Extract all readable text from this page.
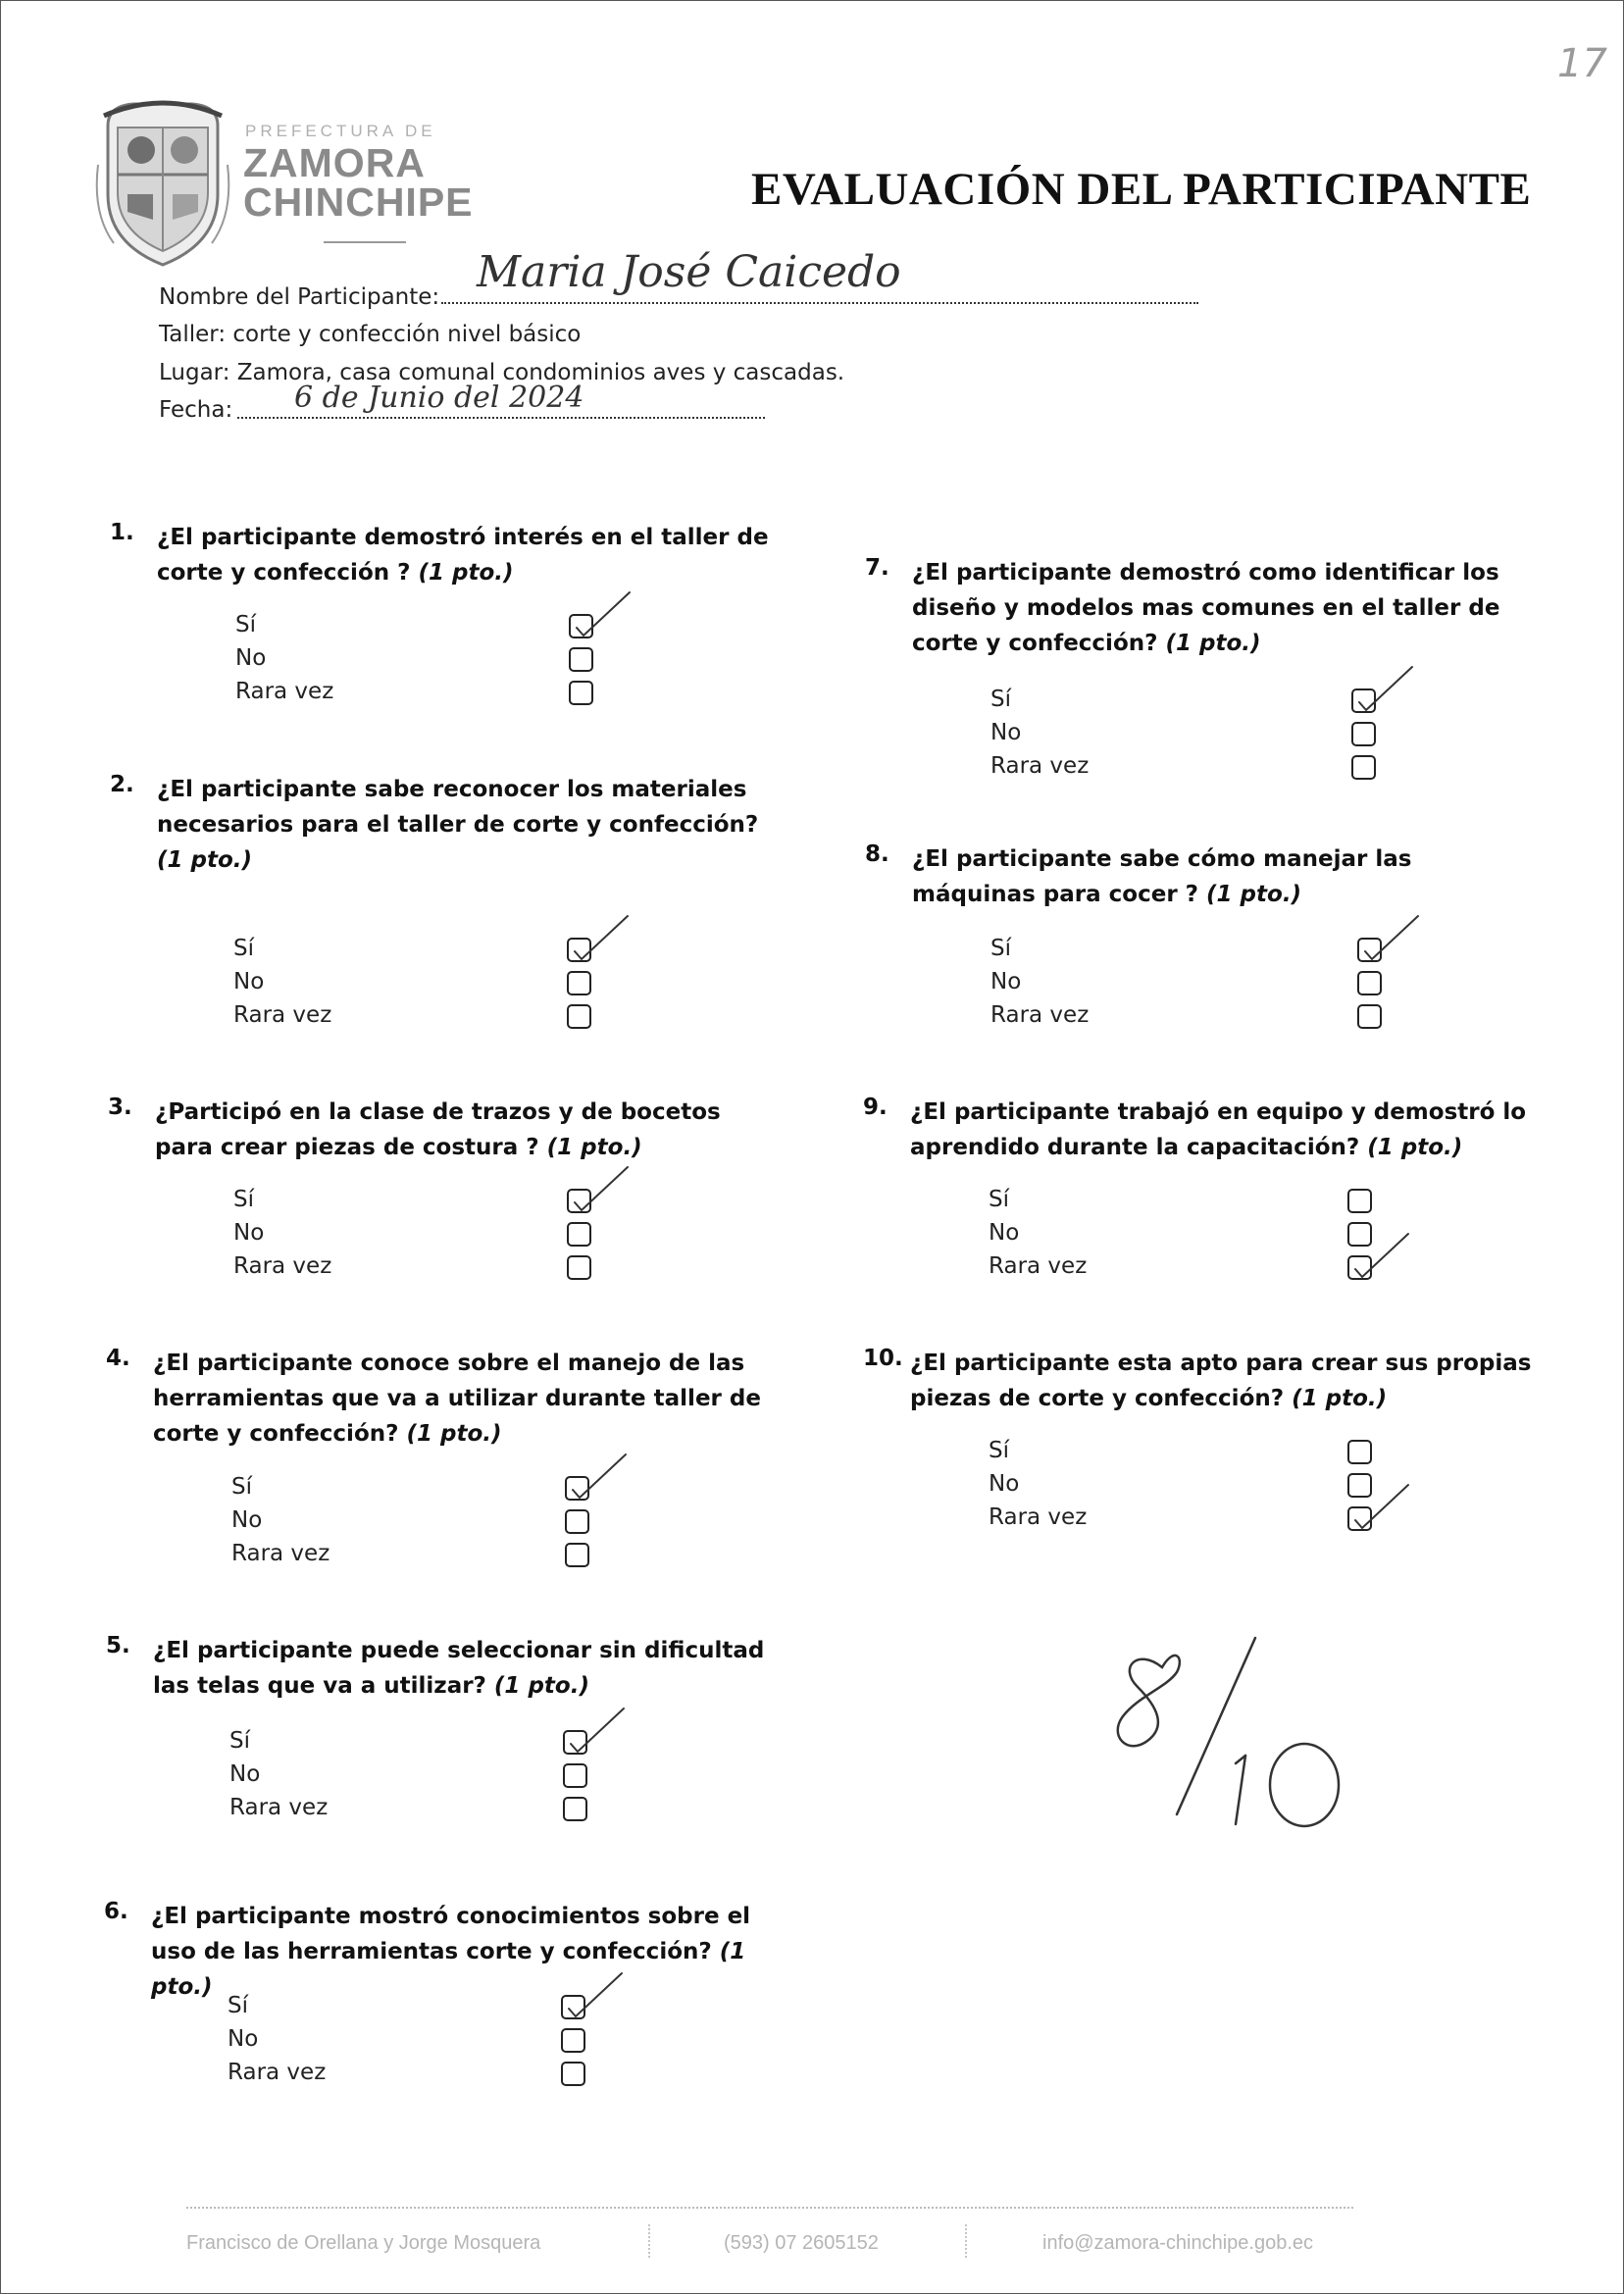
17
PREFECTURA DE
ZAMORA
CHINCHIPE	EVALUACIÓN DEL PARTICIPANTE
Nombre del Participante: Maria José Caicedo
Taller: corte y confección nivel básico
Lugar: Zamora, casa comunal condominios aves y cascadas.
Fecha: 6 de Junio del 2024
1. ¿El participante demostró interés en el taller de corte y confección ? (1 pto.)
2. ¿El participante sabe reconocer los materiales necesarios para el taller de corte y confección? (1 pto.)
3. ¿Participó en la clase de trazos y de bocetos para crear piezas de costura ? (1 pto.)
4. ¿El participante conoce sobre el manejo de las herramientas que va a utilizar durante taller de corte y confección? (1 pto.)
5. ¿El participante puede seleccionar sin dificultad las telas que va a utilizar? (1 pto.)
6. ¿El participante mostró conocimientos sobre el uso de las herramientas corte y confección? (1 pto.)
7. ¿El participante demostró como identificar los diseño y modelos mas comunes en el taller de corte y confección? (1 pto.)
8. ¿El participante sabe cómo manejar las máquinas para cocer ? (1 pto.)
9. ¿El participante trabajó en equipo y demostró lo aprendido durante la capacitación? (1 pto.)
10. ¿El participante esta apto para crear sus propias piezas de corte y confección? (1 pto.)
Sí
No
Rara vez
Sí
No
Rara vez
Sí
No
Rara vez
Sí
No
Rara vez
Sí
No
Rara vez
Sí
No
Rara vez
Sí
No
Rara vez
Sí
No
Rara vez
Sí
No
Rara vez
Sí
No
Rara vez
8/10
Francisco de Orellana y Jorge Mosquera	(593) 07 2605152	info@zamora-chinchipe.gob.ec
